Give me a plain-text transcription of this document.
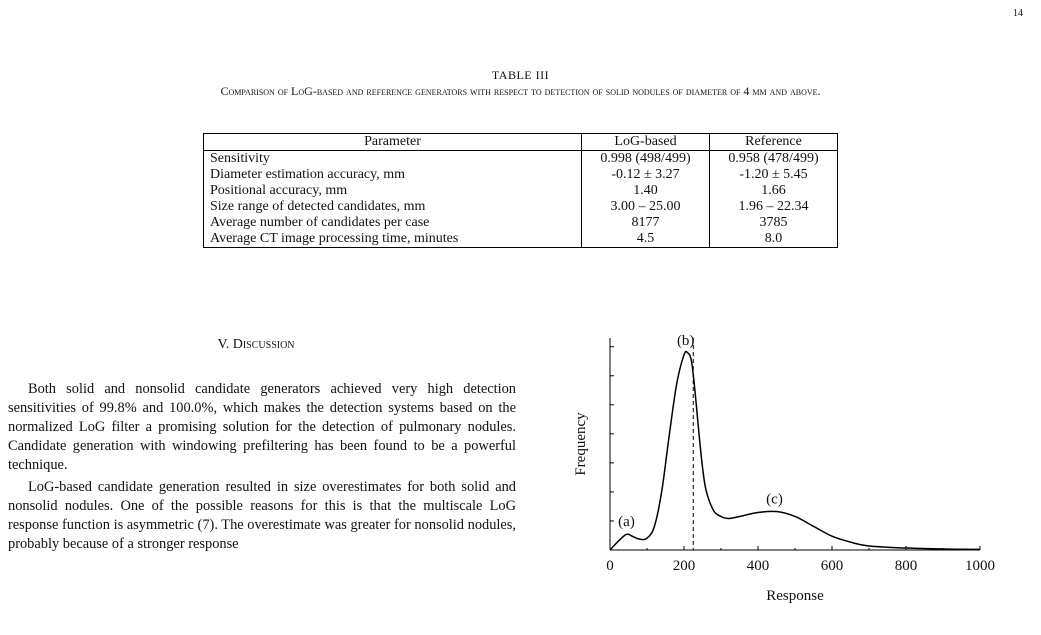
14
TABLE III
Comparison of LoG-based and reference generators with respect to detection of solid nodules of diameter of 4 mm and above.
Parameter	LoG-based	Reference
Sensitivity	0.998 (498/499)	0.958 (478/499)
Diameter estimation accuracy, mm	-0.12 ± 3.27	-1.20 ± 5.45
Positional accuracy, mm	1.40	1.66
Size range of detected candidates, mm	3.00 – 25.00	1.96 – 22.34
Average number of candidates per case	8177	3785
Average CT image processing time, minutes	4.5	8.0
V. Discussion

Both solid and nonsolid candidate generators achieved very high detection sensitivities of 99.8% and 100.0%, which makes the detection systems based on the normalized LoG filter a promising solution for the detection of pulmonary nodules. Candidate generation with windowing prefiltering has been found to be a powerful technique.

LoG-based candidate generation resulted in size overestimates for both solid and nonsolid nodules. One of the possible reasons for this is that the multiscale LoG response function is asymmetric (7). The overestimate was greater for nonsolid nodules, probably because of a stronger response

0	200	400	600	800	1000
Response
Frequency
(a)
(b)
(c)
